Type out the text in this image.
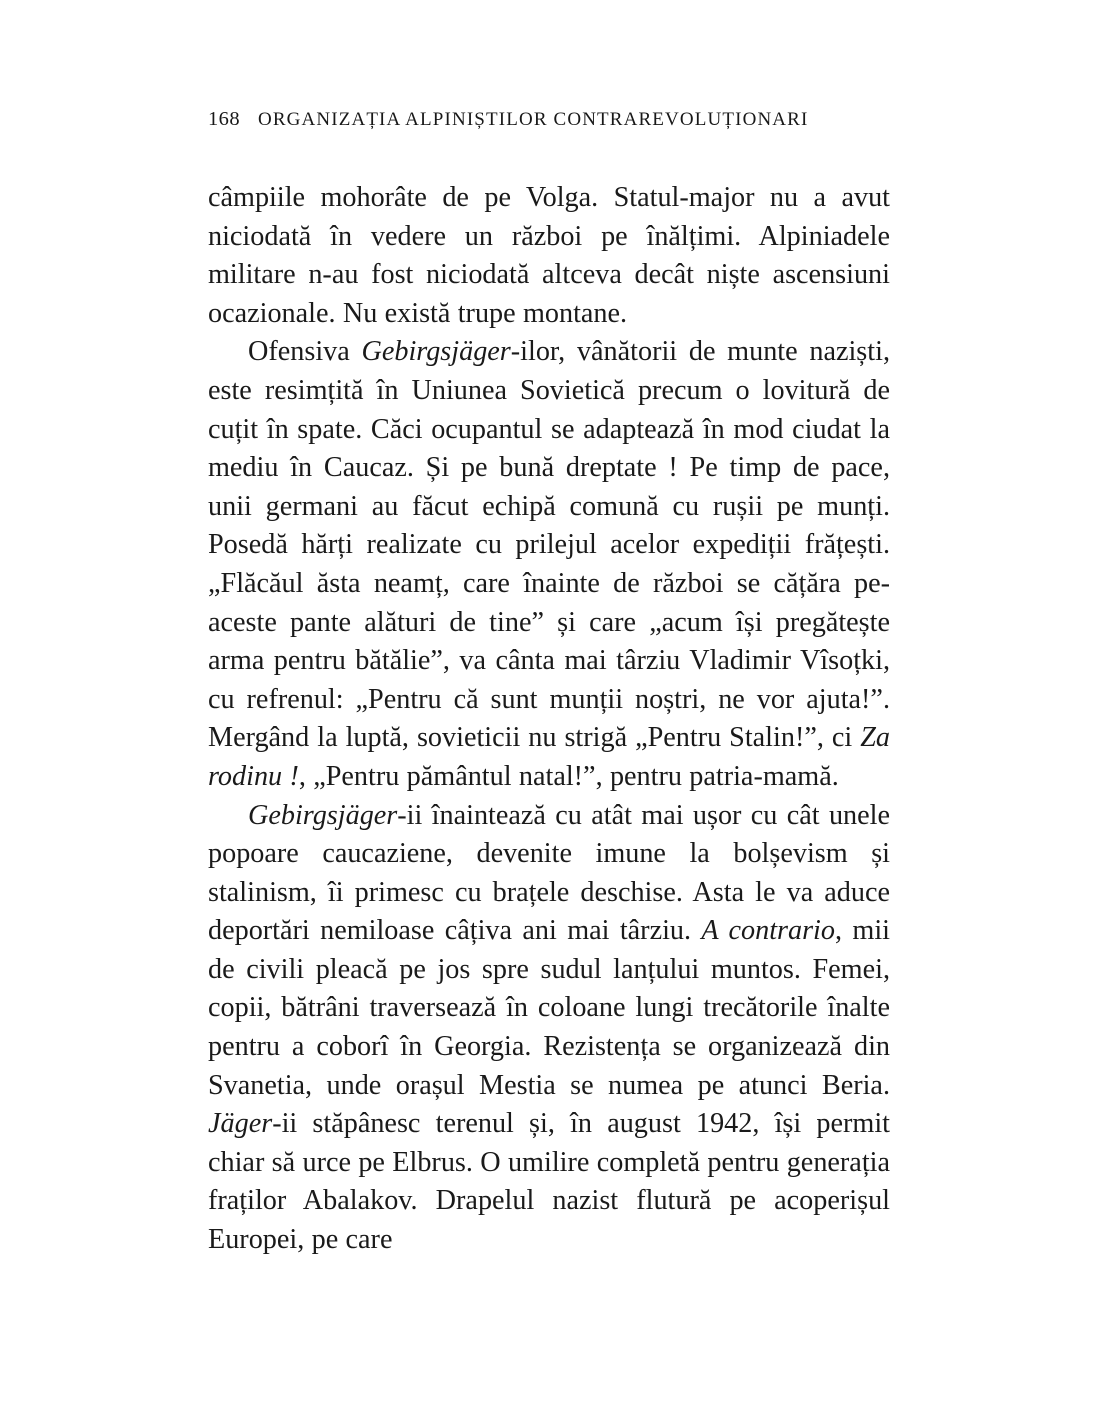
168 ORGANIZAȚIA ALPINIȘTILOR CONTRAREVOLUȚIONARI

câmpiile mohorâte de pe Volga. Statul-major nu a avut niciodată în vedere un război pe înălțimi. Alpiniadele militare n-au fost niciodată altceva decât niște ascensiuni ocazionale. Nu există trupe montane.

Ofensiva Gebirgsjäger-ilor, vânătorii de munte naziști, este resimțită în Uniunea Sovietică precum o lovitură de cuțit în spate. Căci ocupantul se adaptează în mod ciudat la mediu în Caucaz. Și pe bună dreptate ! Pe timp de pace, unii germani au făcut echipă comună cu rușii pe munți. Posedă hărți realizate cu prilejul acelor expediții frățești. „Flăcăul ăsta neamț, care înainte de război se cățăra pe-aceste pante alături de tine” și care „acum își pregătește arma pentru bătălie”, va cânta mai târziu Vladimir Vîsoțki, cu refrenul: „Pentru că sunt munții noștri, ne vor ajuta!”. Mergând la luptă, sovieticii nu strigă „Pentru Stalin!”, ci Za rodinu !, „Pentru pământul natal!”, pentru patria-mamă.

Gebirgsjäger-ii înaintează cu atât mai ușor cu cât unele popoare caucaziene, devenite imune la bolșevism și stalinism, îi primesc cu brațele deschise. Asta le va aduce deportări nemiloase câțiva ani mai târziu. A contrario, mii de civili pleacă pe jos spre sudul lanțului muntos. Femei, copii, bătrâni traversează în coloane lungi trecătorile înalte pentru a coborî în Georgia. Rezistența se organizează din Svanetia, unde orașul Mestia se numea pe atunci Beria. Jäger-ii stăpânesc terenul și, în august 1942, își permit chiar să urce pe Elbrus. O umilire completă pentru generația fraților Abalakov. Drapelul nazist flutură pe acoperișul Europei, pe care
